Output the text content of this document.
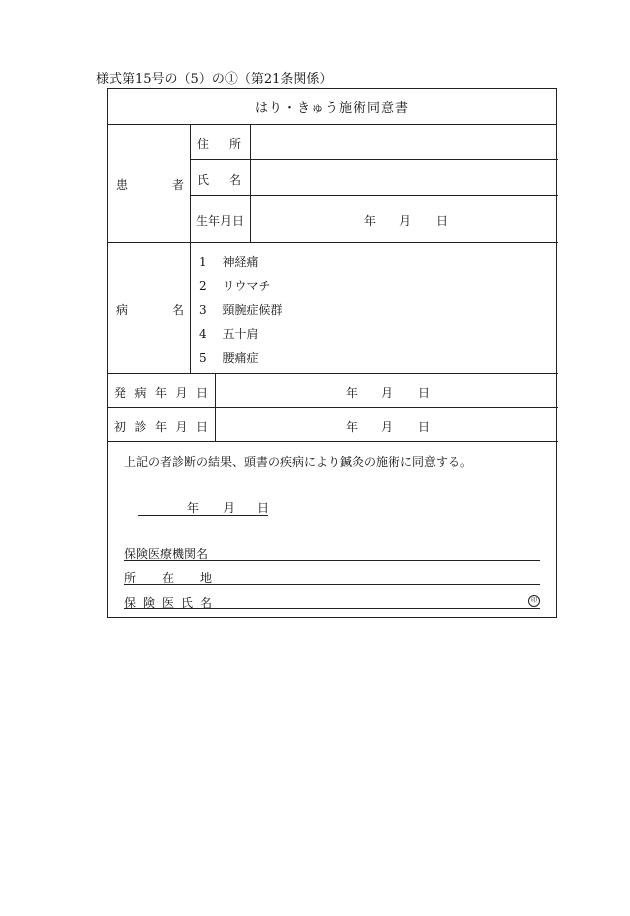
様式第15号の（5）の①（第21条関係）
はり・きゅう施術同意書
患	者
住 所
氏 名
生年月日	年 月 日
病	名
1 神経痛
2 リウマチ
3 頸腕症候群
4 五十肩
5 腰痛症
発 病 年 月 日	年 月 日
初 診 年 月 日	年 月 日
上記の者診断の結果、頭書の疾病により鍼灸の施術に同意する。
年 月 日
保険医療機関名
所 在 地
保 険 医 氏 名	印
